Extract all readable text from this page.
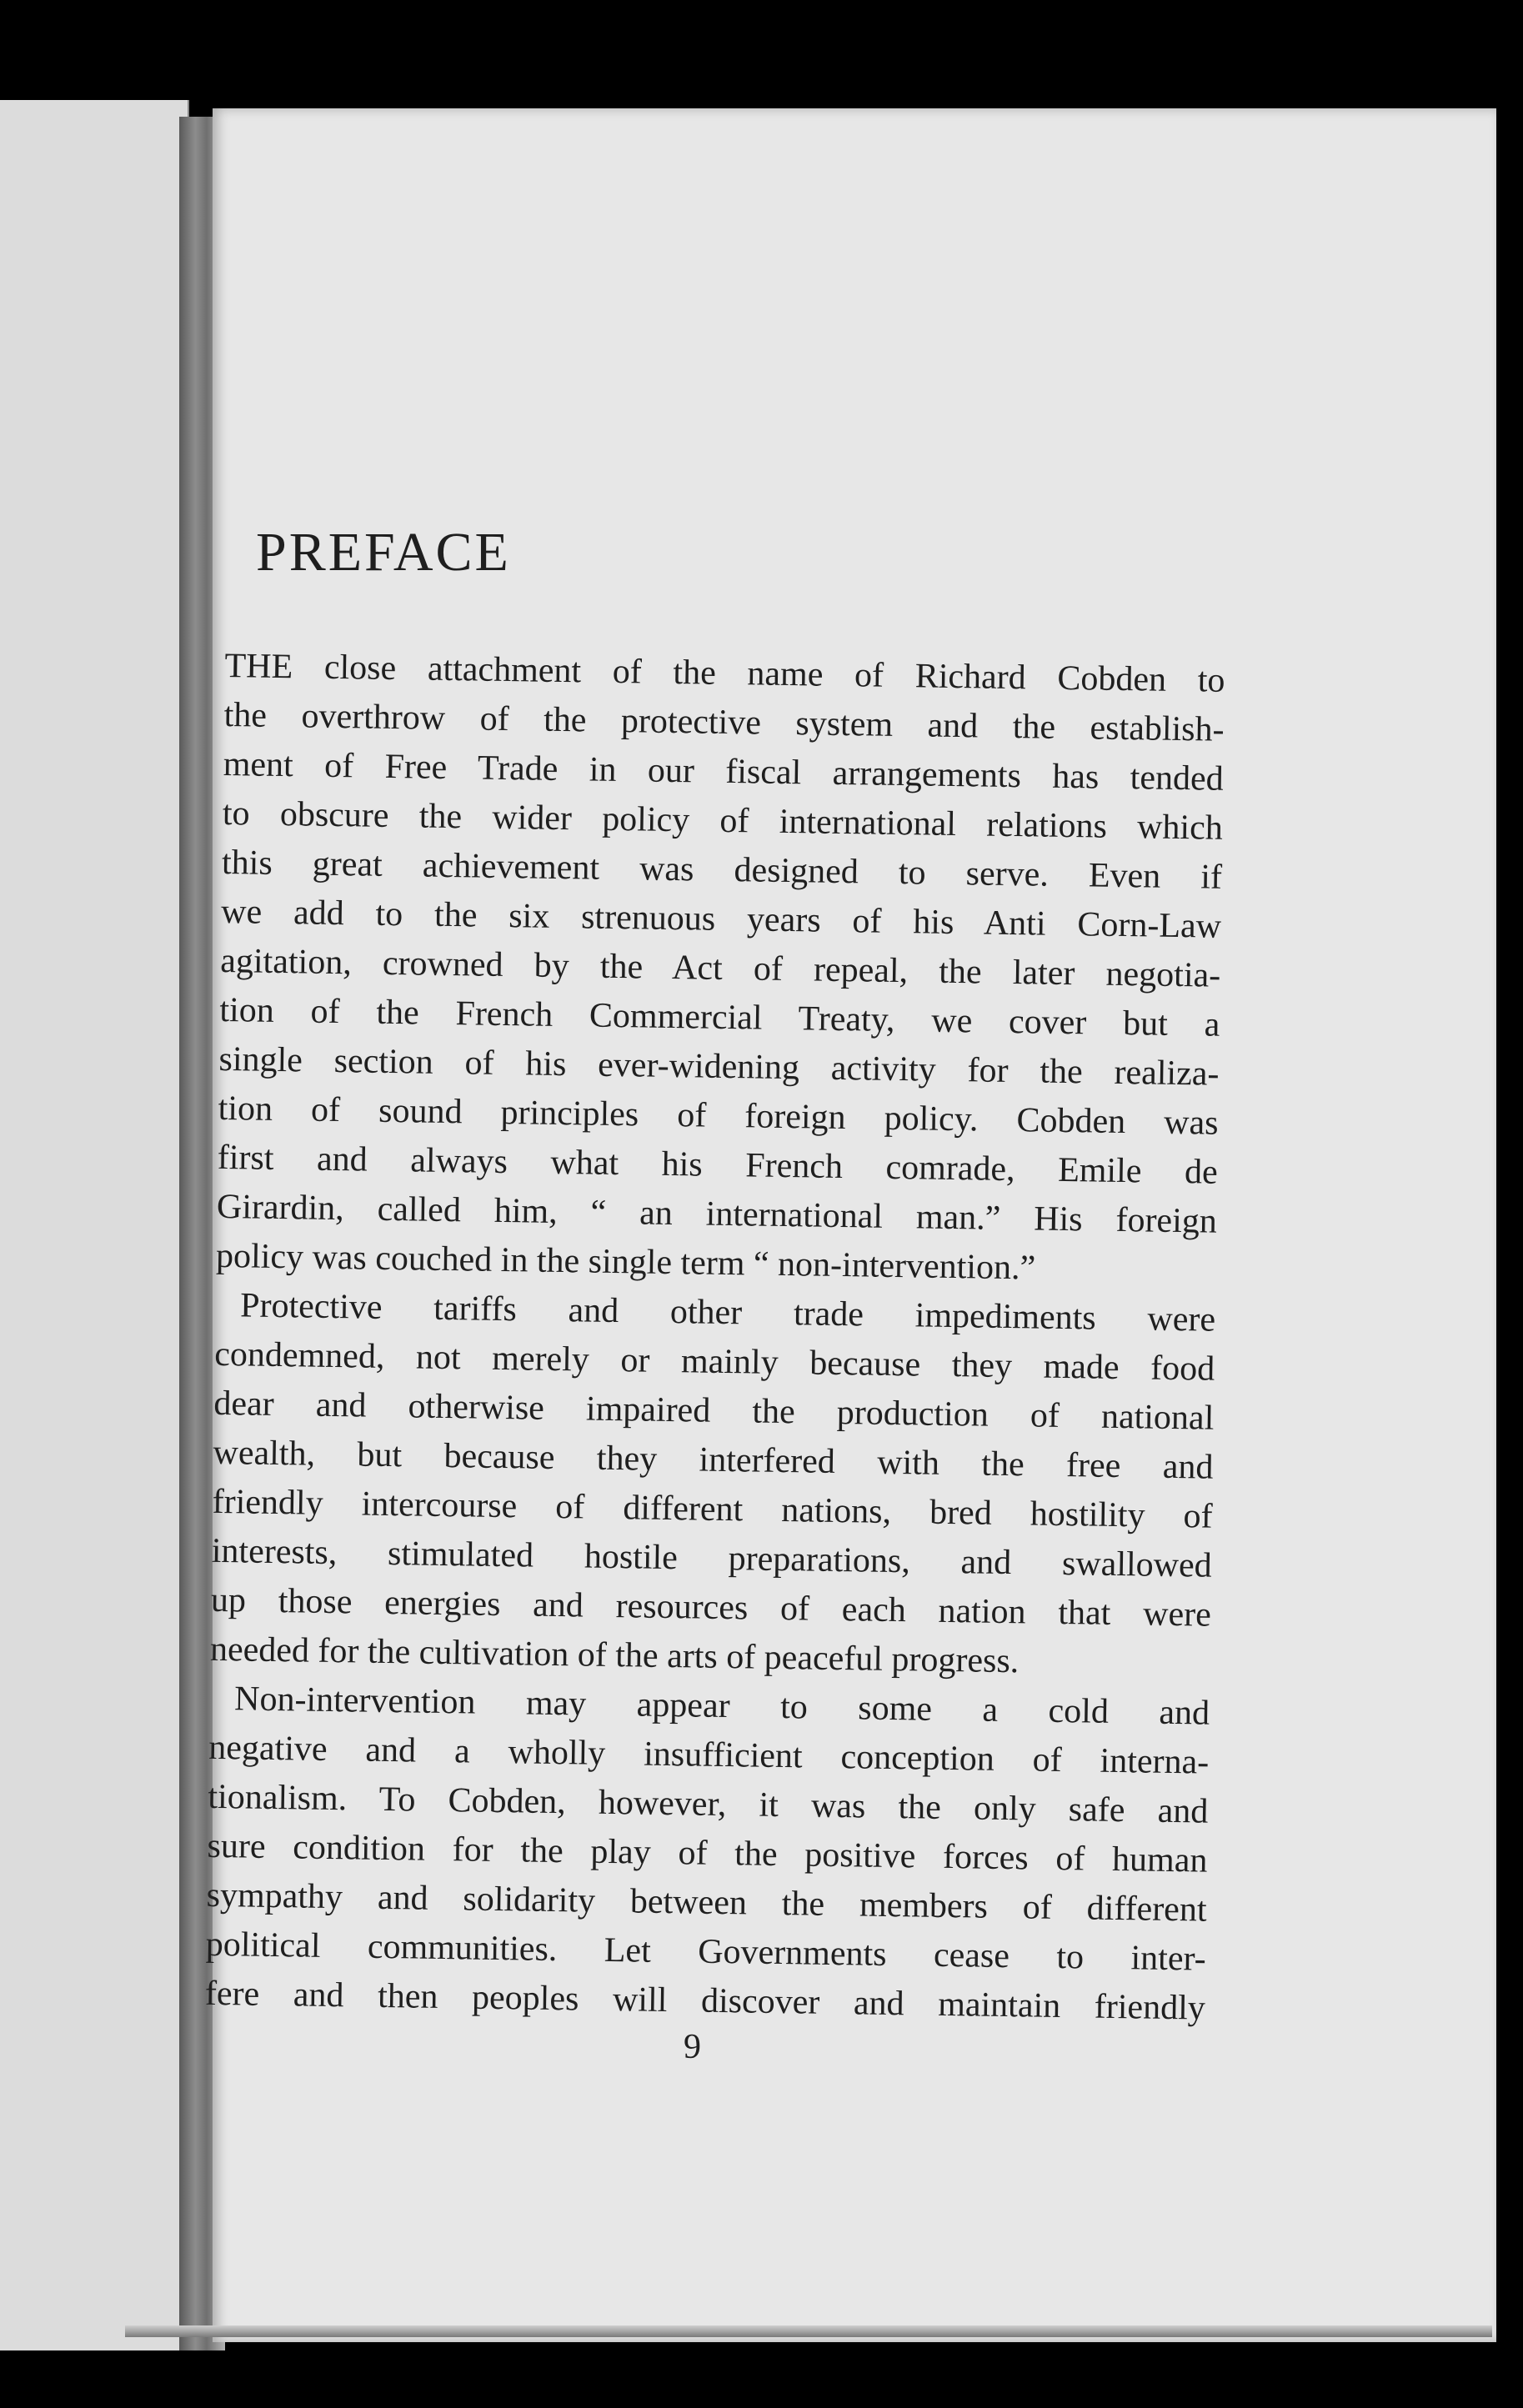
PREFACE
THE close attachment of the name of Richard Cobden to
the overthrow of the protective system and the establish-
ment of Free Trade in our fiscal arrangements has tended
to obscure the wider policy of international relations which
this great achievement was designed to serve. Even if
we add to the six strenuous years of his Anti Corn-Law
agitation, crowned by the Act of repeal, the later negotia-
tion of the French Commercial Treaty, we cover but a
single section of his ever-widening activity for the realiza-
tion of sound principles of foreign policy. Cobden was
first and always what his French comrade, Emile de
Girardin, called him, “ an international man.” His foreign
policy was couched in the single term “ non-intervention.”
Protective tariffs and other trade impediments were
condemned, not merely or mainly because they made food
dear and otherwise impaired the production of national
wealth, but because they interfered with the free and
friendly intercourse of different nations, bred hostility of
interests, stimulated hostile preparations, and swallowed
up those energies and resources of each nation that were
needed for the cultivation of the arts of peaceful progress.
Non-intervention may appear to some a cold and
negative and a wholly insufficient conception of interna-
tionalism. To Cobden, however, it was the only safe and
sure condition for the play of the positive forces of human
sympathy and solidarity between the members of different
political communities. Let Governments cease to inter-
fere and then peoples will discover and maintain friendly
9
